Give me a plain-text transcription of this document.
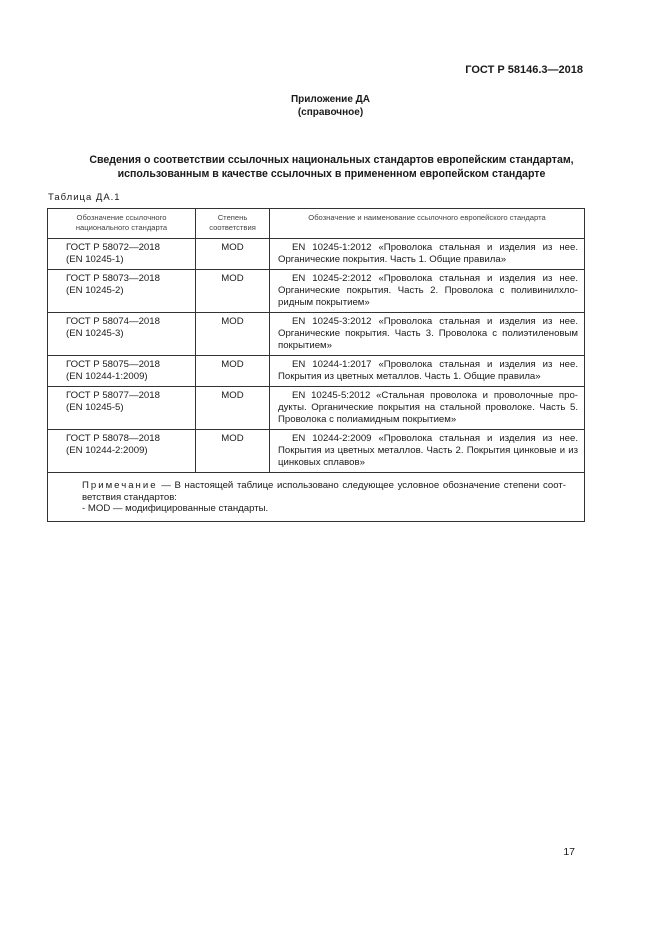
ГОСТ Р 58146.3—2018
Приложение ДА
(справочное)
Сведения о соответствии ссылочных национальных стандартов европейским стандартам,
использованным в качестве ссылочных в примененном европейском стандарте
Таблица ДА.1
Обозначение ссылочного национального стандарта	Степень соответствия	Обозначение и наименование ссылочного европейского стандарта

ГОСТ Р 58072—2018
(EN 10245-1)	MOD	EN 10245-1:2012 «Проволока стальная и изделия из нее. Органические покрытия. Часть 1. Общие правила»

ГОСТ Р 58073—2018
(EN 10245-2)	MOD	EN 10245-2:2012 «Проволока стальная и изделия из нее. Органические покрытия. Часть 2. Проволока с поливинилхлоридным покрытием»

ГОСТ Р 58074—2018
(EN 10245-3)	MOD	EN 10245-3:2012 «Проволока стальная и изделия из нее. Органические покрытия. Часть 3. Проволока с полиэтиленовым покрытием»

ГОСТ Р 58075—2018
(EN 10244-1:2009)	MOD	EN 10244-1:2017 «Проволока стальная и изделия из нее. Покрытия из цветных металлов. Часть 1. Общие правила»

ГОСТ Р 58077—2018
(EN 10245-5)	MOD	EN 10245-5:2012 «Стальная проволока и проволочные продукты. Органические покрытия на стальной проволоке. Часть 5. Проволока с полиамидным покрытием»

ГОСТ Р 58078—2018
(EN 10244-2:2009)	MOD	EN 10244-2:2009 «Проволока стальная и изделия из нее. Покрытия из цветных металлов. Часть 2. Покрытия цинковые и из цинковых сплавов»

Примечание — В настоящей таблице использовано следующее условное обозначение степени соответствия стандартов:
- MOD — модифицированные стандарты.		
17
